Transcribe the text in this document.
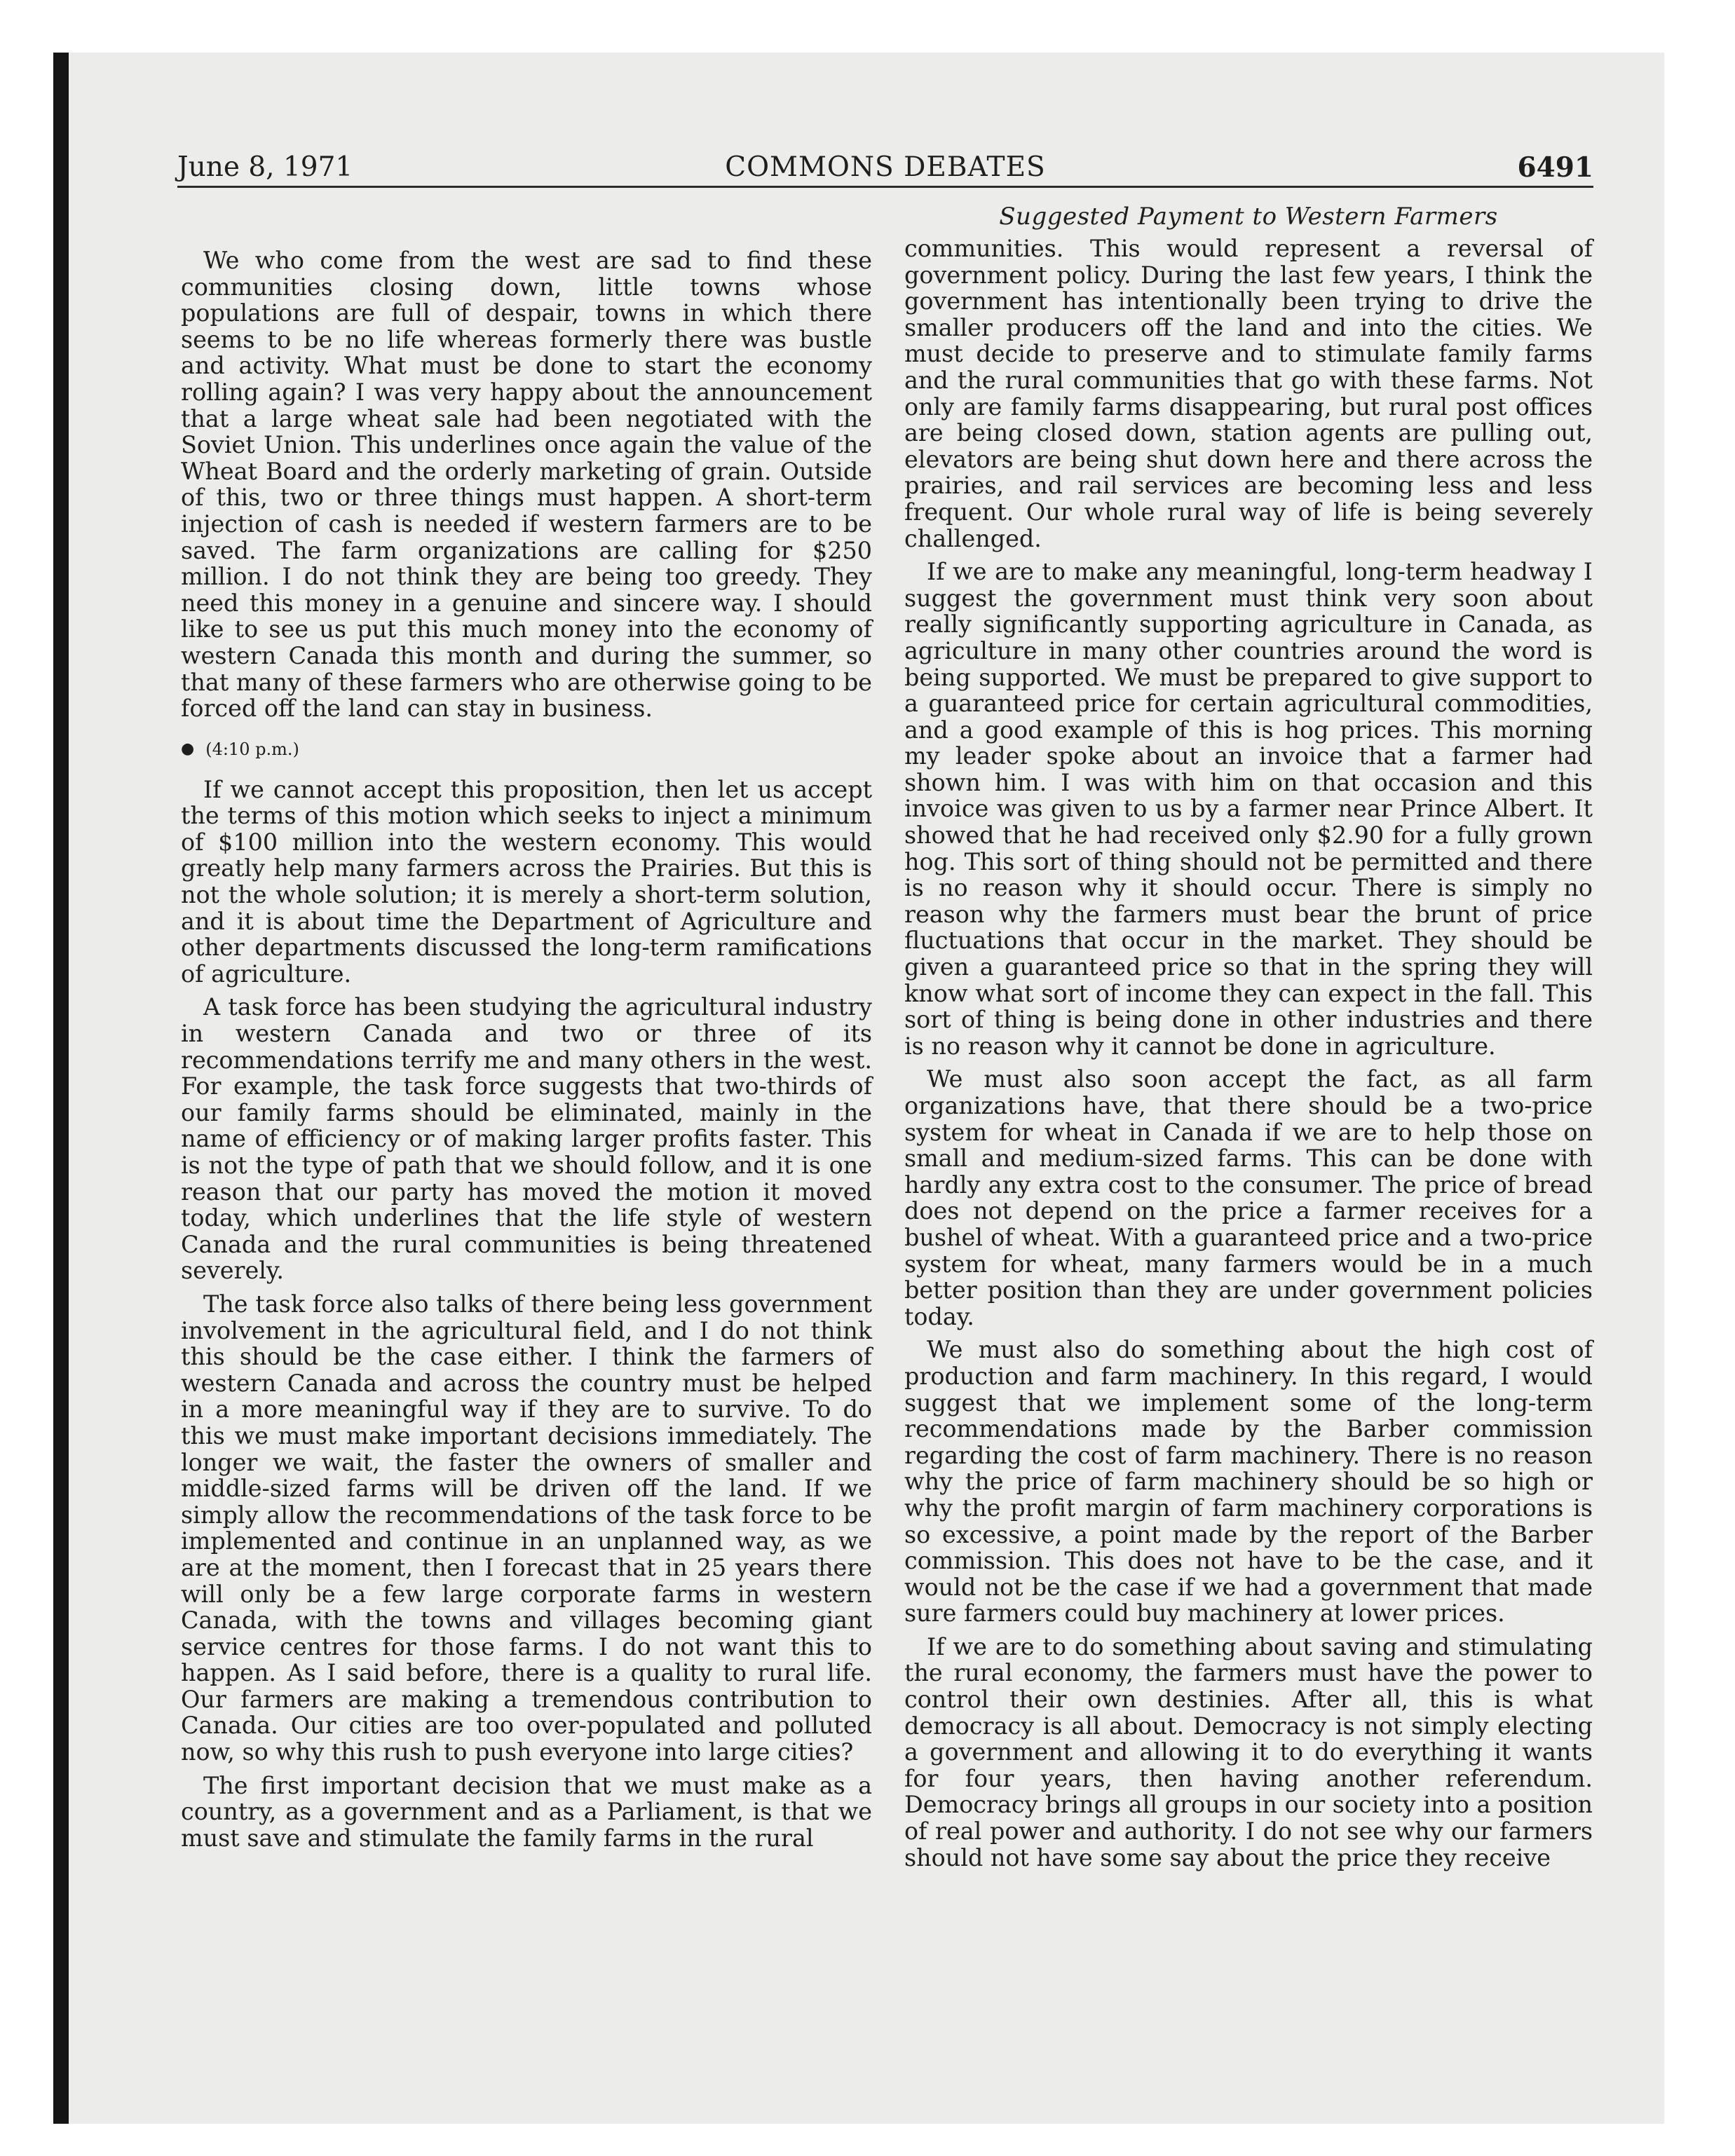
June 8, 1971	COMMONS DEBATES	6491

We who come from the west are sad to find these communities closing down, little towns whose populations are full of despair, towns in which there seems to be no life whereas formerly there was bustle and activity. What must be done to start the economy rolling again? I was very happy about the announcement that a large wheat sale had been negotiated with the Soviet Union. This underlines once again the value of the Wheat Board and the orderly marketing of grain. Outside of this, two or three things must happen. A short-term injection of cash is needed if western farmers are to be saved. The farm organizations are calling for $250 million. I do not think they are being too greedy. They need this money in a genuine and sincere way. I should like to see us put this much money into the economy of western Canada this month and during the summer, so that many of these farmers who are otherwise going to be forced off the land can stay in business.

● (4:10 p.m.)

If we cannot accept this proposition, then let us accept the terms of this motion which seeks to inject a minimum of $100 million into the western economy. This would greatly help many farmers across the Prairies. But this is not the whole solution; it is merely a short-term solution, and it is about time the Department of Agriculture and other departments discussed the long-term ramifications of agriculture.

A task force has been studying the agricultural industry in western Canada and two or three of its recommendations terrify me and many others in the west. For example, the task force suggests that two-thirds of our family farms should be eliminated, mainly in the name of efficiency or of making larger profits faster. This is not the type of path that we should follow, and it is one reason that our party has moved the motion it moved today, which underlines that the life style of western Canada and the rural communities is being threatened severely.

The task force also talks of there being less government involvement in the agricultural field, and I do not think this should be the case either. I think the farmers of western Canada and across the country must be helped in a more meaningful way if they are to survive. To do this we must make important decisions immediately. The longer we wait, the faster the owners of smaller and middle-sized farms will be driven off the land. If we simply allow the recommendations of the task force to be implemented and continue in an unplanned way, as we are at the moment, then I forecast that in 25 years there will only be a few large corporate farms in western Canada, with the towns and villages becoming giant service centres for those farms. I do not want this to happen. As I said before, there is a quality to rural life. Our farmers are making a tremendous contribution to Canada. Our cities are too over-populated and polluted now, so why this rush to push everyone into large cities?

The first important decision that we must make as a country, as a government and as a Parliament, is that we must save and stimulate the family farms in the rural

Suggested Payment to Western Farmers

communities. This would represent a reversal of government policy. During the last few years, I think the government has intentionally been trying to drive the smaller producers off the land and into the cities. We must decide to preserve and to stimulate family farms and the rural communities that go with these farms. Not only are family farms disappearing, but rural post offices are being closed down, station agents are pulling out, elevators are being shut down here and there across the prairies, and rail services are becoming less and less frequent. Our whole rural way of life is being severely challenged.

If we are to make any meaningful, long-term headway I suggest the government must think very soon about really significantly supporting agriculture in Canada, as agriculture in many other countries around the word is being supported. We must be prepared to give support to a guaranteed price for certain agricultural commodities, and a good example of this is hog prices. This morning my leader spoke about an invoice that a farmer had shown him. I was with him on that occasion and this invoice was given to us by a farmer near Prince Albert. It showed that he had received only $2.90 for a fully grown hog. This sort of thing should not be permitted and there is no reason why it should occur. There is simply no reason why the farmers must bear the brunt of price fluctuations that occur in the market. They should be given a guaranteed price so that in the spring they will know what sort of income they can expect in the fall. This sort of thing is being done in other industries and there is no reason why it cannot be done in agriculture.

We must also soon accept the fact, as all farm organizations have, that there should be a two-price system for wheat in Canada if we are to help those on small and medium-sized farms. This can be done with hardly any extra cost to the consumer. The price of bread does not depend on the price a farmer receives for a bushel of wheat. With a guaranteed price and a two-price system for wheat, many farmers would be in a much better position than they are under government policies today.

We must also do something about the high cost of production and farm machinery. In this regard, I would suggest that we implement some of the long-term recommendations made by the Barber commission regarding the cost of farm machinery. There is no reason why the price of farm machinery should be so high or why the profit margin of farm machinery corporations is so excessive, a point made by the report of the Barber commission. This does not have to be the case, and it would not be the case if we had a government that made sure farmers could buy machinery at lower prices.

If we are to do something about saving and stimulating the rural economy, the farmers must have the power to control their own destinies. After all, this is what democracy is all about. Democracy is not simply electing a government and allowing it to do everything it wants for four years, then having another referendum. Democracy brings all groups in our society into a position of real power and authority. I do not see why our farmers should not have some say about the price they receive
